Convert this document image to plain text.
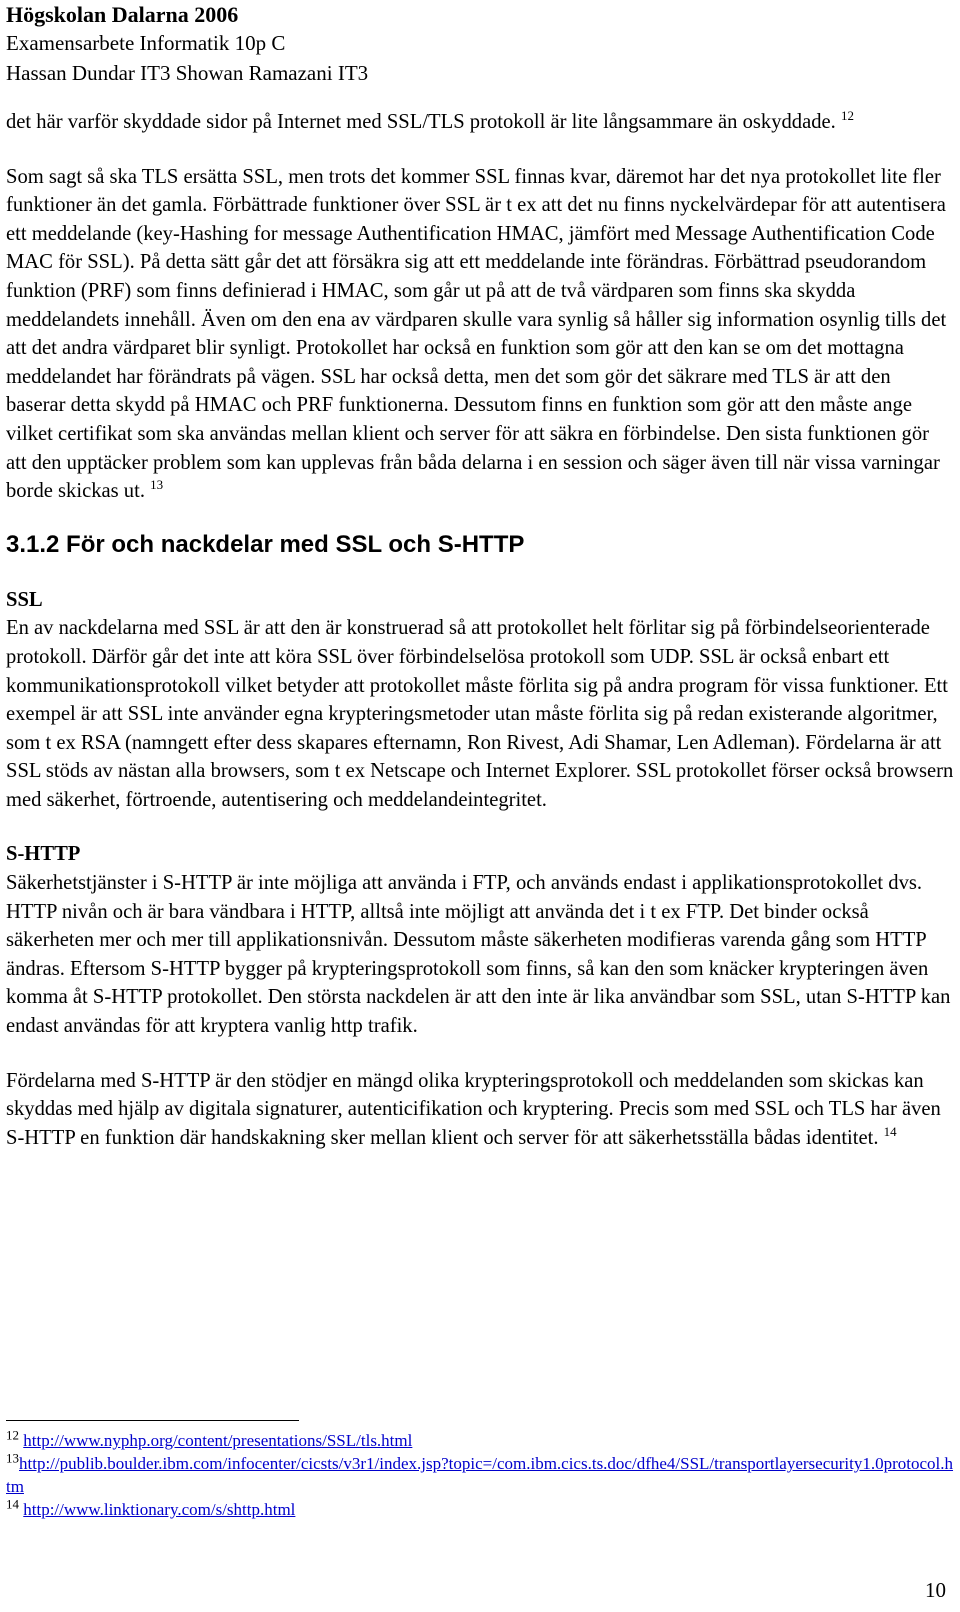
Högskolan Dalarna 2006
Examensarbete Informatik 10p C
Hassan Dundar IT3 Showan Ramazani IT3

det här varför skyddade sidor på Internet med SSL/TLS protokoll är lite långsammare än oskyddade. $^{12}$

Som sagt så ska TLS ersätta SSL, men trots det kommer SSL finnas kvar, däremot har det nya protokollet lite fler funktioner än det gamla. Förbättrade funktioner över SSL är t ex att det nu finns nyckelvärdepar för att autentisera ett meddelande (key-Hashing for message Authentification HMAC, jämfört med Message Authentification Code MAC för SSL). På detta sätt går det att försäkra sig att ett meddelande inte förändras. Förbättrad pseudorandom funktion (PRF) som finns definierad i HMAC, som går ut på att de två värdparen som finns ska skydda meddelandets innehåll. Även om den ena av värdparen skulle vara synlig så håller sig information osynlig tills det att det andra värdparet blir synligt. Protokollet har också en funktion som gör att den kan se om det mottagna meddelandet har förändrats på vägen. SSL har också detta, men det som gör det säkrare med TLS är att den baserar detta skydd på HMAC och PRF funktionerna. Dessutom finns en funktion som gör att den måste ange vilket certifikat som ska användas mellan klient och server för att säkra en förbindelse. Den sista funktionen gör att den upptäcker problem som kan upplevas från båda delarna i en session och säger även till när vissa varningar borde skickas ut. $^{13}$

3.1.2 För och nackdelar med SSL och S-HTTP
SSL

En av nackdelarna med SSL är att den är konstruerad så att protokollet helt förlitar sig på förbindelseorienterade protokoll. Därför går det inte att köra SSL över förbindelselösa protokoll som UDP. SSL är också enbart ett kommunikationsprotokoll vilket betyder att protokollet måste förlita sig på andra program för vissa funktioner. Ett exempel är att SSL inte använder egna krypteringsmetoder utan måste förlita sig på redan existerande algoritmer, som t ex RSA (namngett efter dess skapares efternamn, Ron Rivest, Adi Shamar, Len Adleman). Fördelarna är att SSL stöds av nästan alla browsers, som t ex Netscape och Internet Explorer. SSL protokollet förser också browsern med säkerhet, förtroende, autentisering och meddelandeintegritet.

S-HTTP

Säkerhetstjänster i S-HTTP är inte möjliga att använda i FTP, och används endast i applikationsprotokollet dvs. HTTP nivån och är bara vändbara i HTTP, alltså inte möjligt att använda det i t ex FTP. Det binder också säkerheten mer och mer till applikationsnivån. Dessutom måste säkerheten modifieras varenda gång som HTTP ändras. Eftersom S-HTTP bygger på krypteringsprotokoll som finns, så kan den som knäcker krypteringen även komma åt S-HTTP protokollet. Den största nackdelen är att den inte är lika användbar som SSL, utan S-HTTP kan endast användas för att kryptera vanlig http trafik.

Fördelarna med S-HTTP är den stödjer en mängd olika krypteringsprotokoll och meddelanden som skickas kan skyddas med hjälp av digitala signaturer, autenticifikation och kryptering. Precis som med SSL och TLS har även S-HTTP en funktion där handskakning sker mellan klient och server för att säkerhetsställa bådas identitet. $^{14}$

$^{12}$ http://www.nyphp.org/content/presentations/SSL/tls.html

$^{13}$http://publib.boulder.ibm.com/infocenter/cicsts/v3r1/index.jsp?topic=/com.ibm.cics.ts.doc/dfhe4/SSL/transportlayersecurity1.0protocol.htm

$^{14}$ http://www.linktionary.com/s/shttp.html

10
